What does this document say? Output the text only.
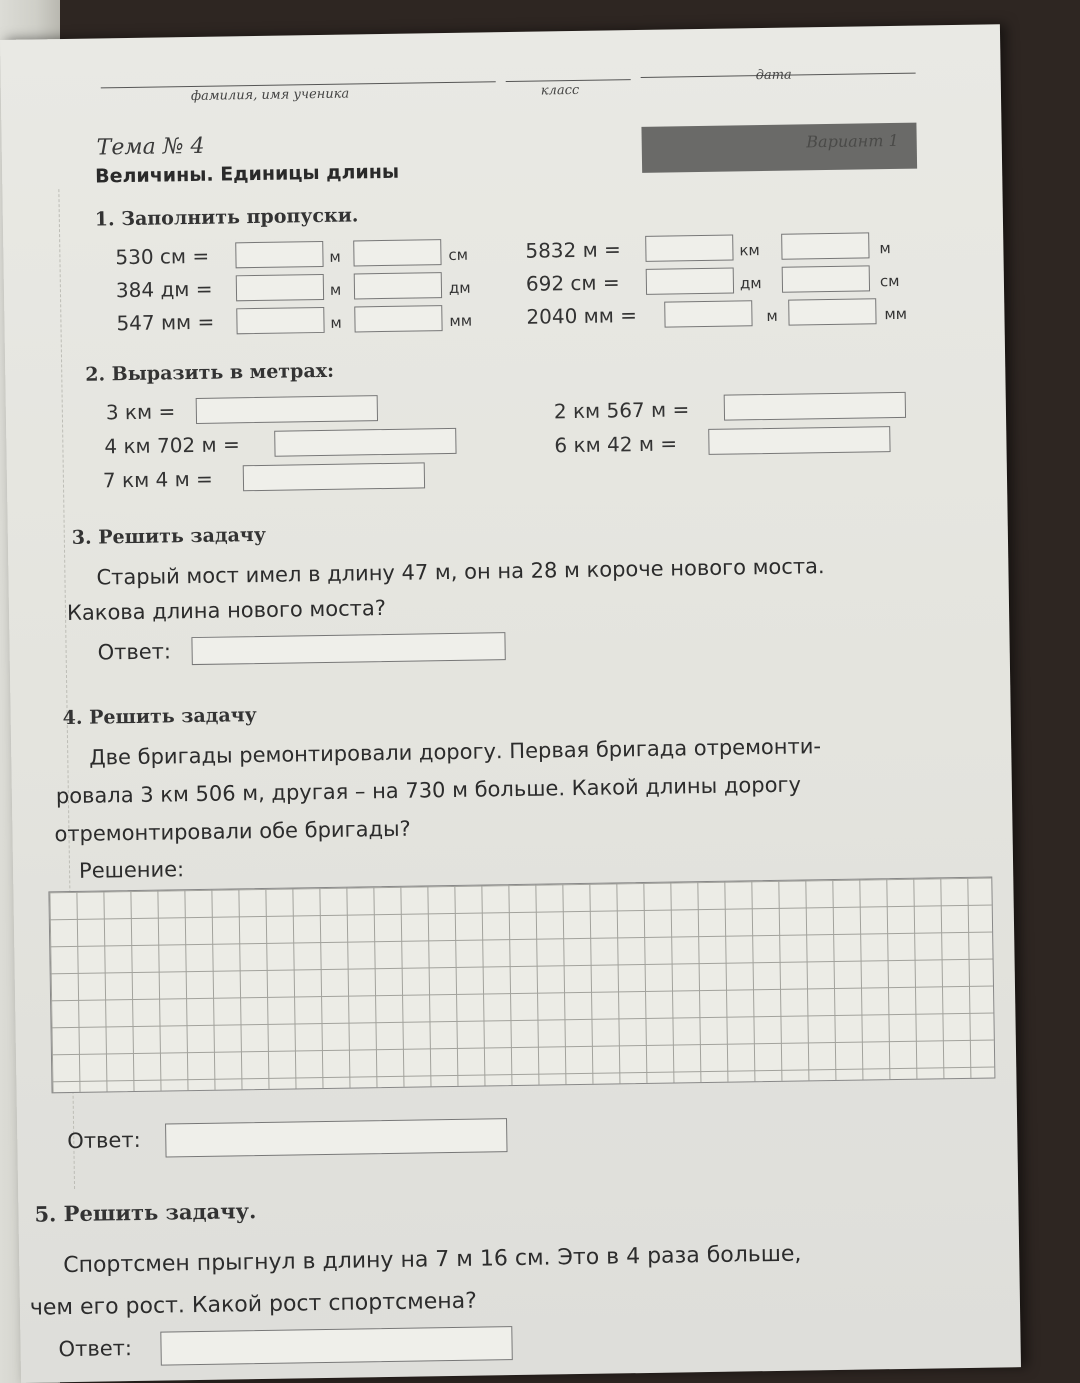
фамилия, имя ученика	класс
дата
Тема № 4
Величины. Единицы длины
Вариант 1
1. Заполнить пропуски.
530 см =	м	см
384 дм =	м	дм
547 мм =	м	мм
5832 м =	км	м
692 см =	дм	см
2040 мм =	м	мм
2. Выразить в метрах:
3 км =
4 км 702 м =
7 км 4 м =
2 км 567 м =
6 км 42 м =
3. Решить задачу
Старый мост имел в длину 47 м, он на 28 м короче нового моста.
Какова длина нового моста?
Ответ:
4. Решить задачу
Две бригады ремонтировали дорогу. Первая бригада отремонти-
ровала 3 км 506 м, другая – на 730 м больше. Какой длины дорогу
отремонтировали обе бригады?
Решение:
Ответ:
5. Решить задачу.
Спортсмен прыгнул в длину на 7 м 16 см. Это в 4 раза больше,
чем его рост. Какой рост спортсмена?
Ответ:
